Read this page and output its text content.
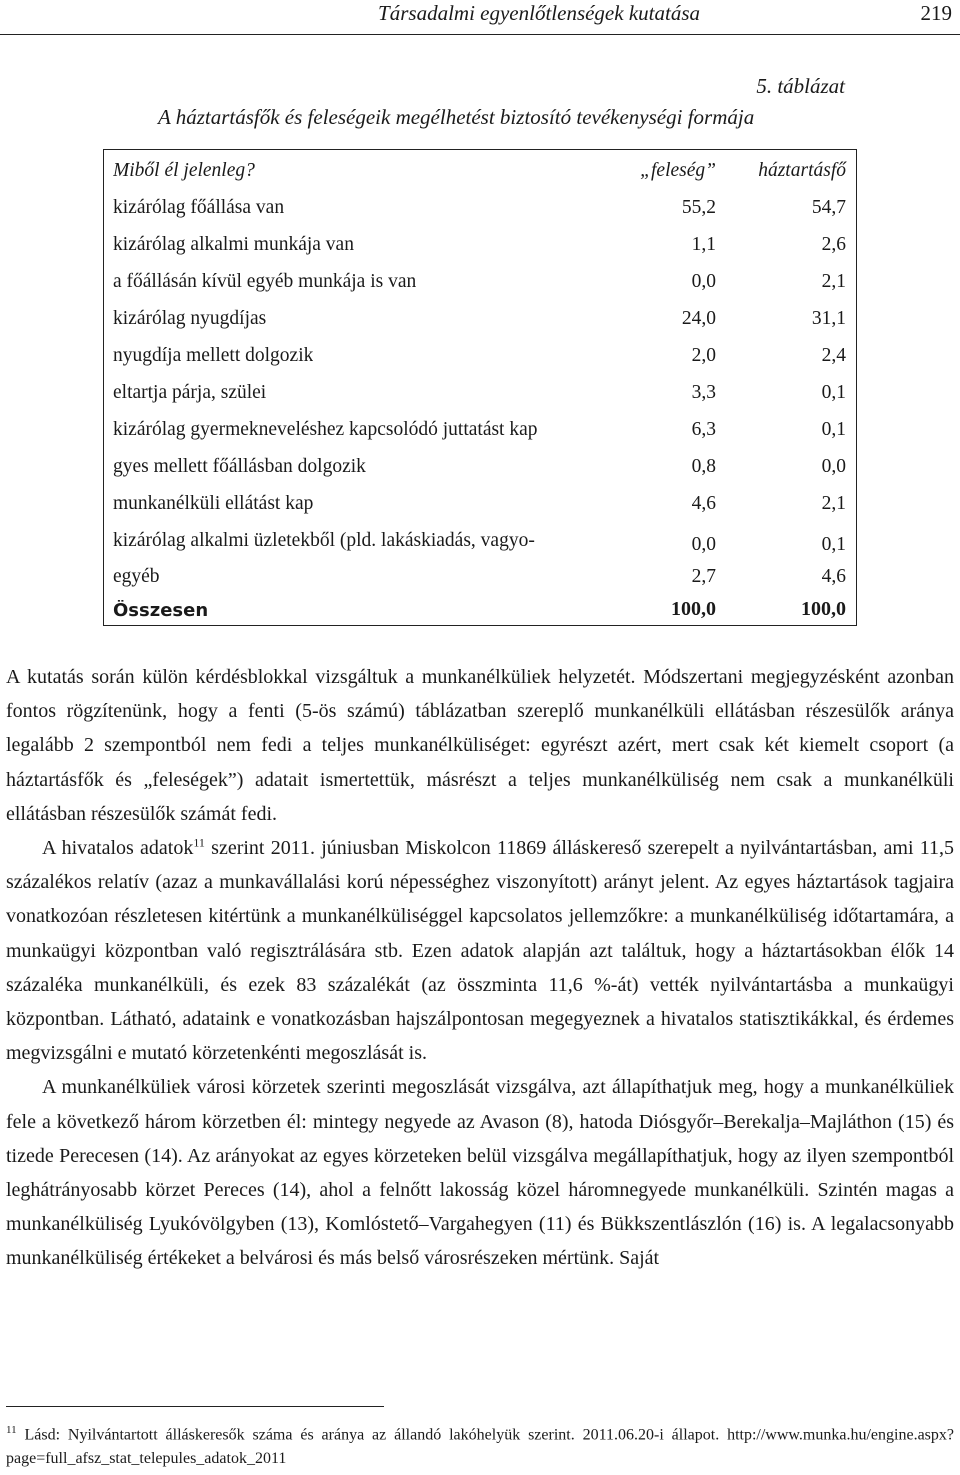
Társadalmi egyenlőtlenségek kutatása	219
5. táblázat
A háztartásfők és feleségeik megélhetést biztosító tevékenységi formája
Miből él jelenleg?	„feleség” háztartásfő
kizárólag főállása van	55,2	54,7
kizárólag alkalmi munkája van	1,1	2,6
a főállásán kívül egyéb munkája is van	0,0	2,1
kizárólag nyugdíjas	24,0	31,1
nyugdíja mellett dolgozik	2,0	2,4
eltartja párja, szülei	3,3	0,1
kizárólag gyermekneveléshez kapcsolódó juttatást kap	6,3	0,1
gyes mellett főállásban dolgozik	0,8	0,0
munkanélküli ellátást kap	4,6	2,1
kizárólag alkalmi üzletekből (pld. lakáskiadás, vagyo-	0,0	0,1
egyéb	2,7	4,6
Összesen	100,0	100,0

A kutatás során külön kérdésblokkal vizsgáltuk a munkanélküliek helyzetét. Módszertani megjegyzésként azonban fontos rögzítenünk, hogy a fenti (5-ös számú) táblázatban szereplő munkanélküli ellátásban részesülők aránya legalább 2 szempontból nem fedi a teljes munkanélküliséget: egyrészt azért, mert csak két kiemelt csoport (a háztartásfők és „feleségek”) adatait ismertettük, másrészt a teljes munkanélküliség nem csak a munkanélküli ellátásban részesülők számát fedi.

A hivatalos adatok$^{11}$ szerint 2011. júniusban Miskolcon 11869 álláskereső szerepelt a nyilvántartásban, ami 11,5 százalékos relatív (azaz a munkavállalási korú népességhez viszonyított) arányt jelent. Az egyes háztartások tagjaira vonatkozóan részletesen kitértünk a munkanélküliséggel kapcsolatos jellemzőkre: a munkanélküliség időtartamára, a munkaügyi központban való regisztrálására stb. Ezen adatok alapján azt találtuk, hogy a háztartásokban élők 14 százaléka munkanélküli, és ezek 83 százalékát (az összminta 11,6 %-át) vették nyilvántartásba a munkaügyi központban. Látható, adataink e vonatkozásban hajszálpontosan megegyeznek a hivatalos statisztikákkal, és érdemes megvizsgálni e mutató körzetenkénti megoszlását is.

A munkanélküliek városi körzetek szerinti megoszlását vizsgálva, azt állapíthatjuk meg, hogy a munkanélküliek fele a következő három körzetben él: mintegy negyede az Avason (8), hatoda Diósgyőr–Berekalja–Majláthon (15) és tizede Perecesen (14). Az arányokat az egyes körzeteken belül vizsgálva megállapíthatjuk, hogy az ilyen szempontból leghátrányosabb körzet Pereces (14), ahol a felnőtt lakosság közel háromnegyede munkanélküli. Szintén magas a munkanélküliség Lyukóvölgyben (13), Komlóstető–Vargahegyen (11) és Bükkszentlászlón (16) is. A legalacsonyabb munkanélküliség értékeket a belvárosi és más belső városrészeken mértünk. Saját

$^{11}$ Lásd: Nyilvántartott álláskeresők száma és aránya az állandó lakóhelyük szerint. 2011.06.20-i állapot. http://www.munka.hu/engine.aspx?page=full_afsz_stat_telepules_adatok_2011
